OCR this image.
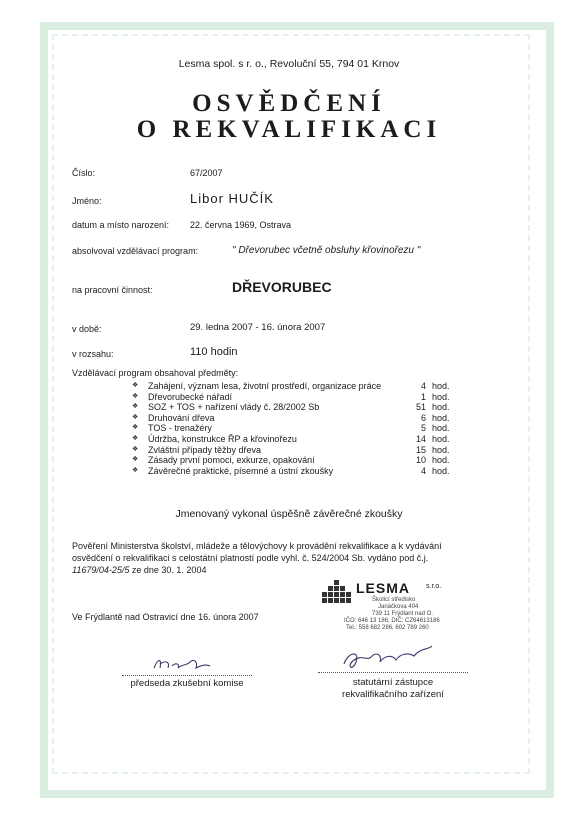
Lesma spol. s r. o., Revoluční 55, 794 01 Krnov
OSVĚDČENÍ
O REKVALIFIKACI
Číslo:	67/2007
Jméno:	Libor HUČÍK
datum a místo narození: 22. června 1969, Ostrava
absolvoval vzdělávací program:	" Dřevorubec včetně obsluhy křovinořezu "
na pracovní činnost:	DŘEVORUBEC
v době:	29. ledna 2007 - 16. února 2007
v rozsahu:	110 hodin
Vzdělávací program obsahoval předměty:
❖	Zahájení, význam lesa, životní prostředí, organizace práce	4 hod.
❖	Dřevorubecké nářadí	1 hod.
❖	SOZ + TOS + nařízení vlády č. 28/2002 Sb	51 hod.
❖	Druhování dřeva	6 hod.
❖	TOS - trenažéry	5 hod.
❖	Údržba, konstrukce ŘP a křovinořezu	14 hod.
❖	Zvláštní případy těžby dřeva	15 hod.
❖	Zásady první pomoci, exkurze, opakování	10 hod.
❖	Závěrečné praktické, písemné a ústní zkoušky	4 hod.
Jmenovaný vykonal úspěšně závěrečné zkoušky

Pověření Ministerstva školství, mládeže a tělovýchovy k provádění rekvalifikace a k vydávání

osvědčení o rekvalifikaci s celostátní platností podle vyhl. č. 524/2004 Sb. vydáno pod č.j.

11679/04-25/5 ze dne 30. 1. 2004

Ve Frýdlantě nad Ostravicí dne 16. února 2007
LESMA s.r.o.
Školicí středisko
Janáčkova 404
739 11 Frýdlant nad O.
IČO: 646 13 186, DIČ: CZ64613186
Tel.: 558 682 286, 602 789 260
předseda zkušební komise	statutární zástupce
rekvalifikačního zařízení
